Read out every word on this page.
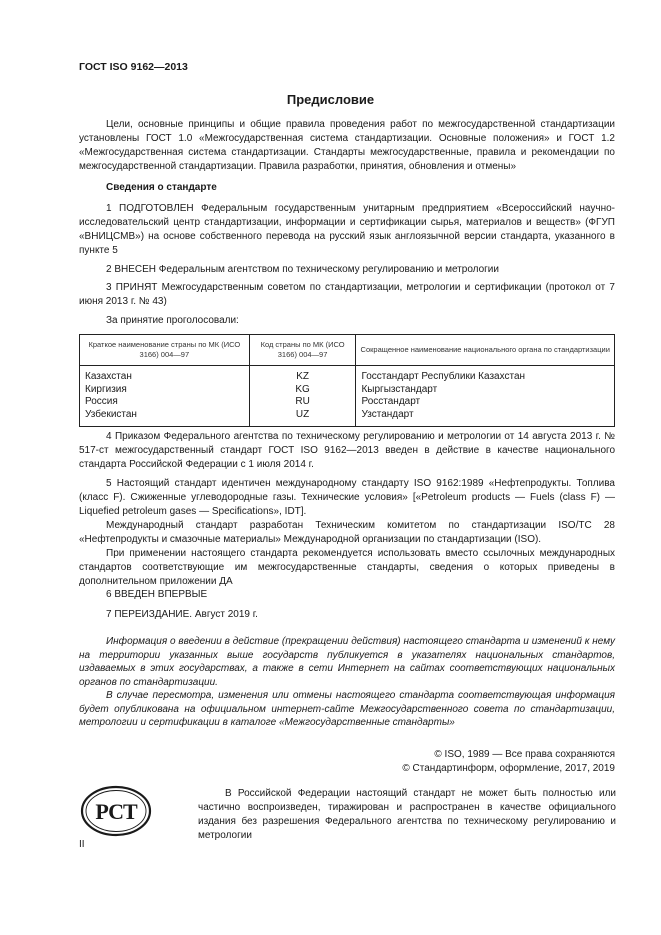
ГОСТ ISO 9162—2013
Предисловие

Цели, основные принципы и общие правила проведения работ по межгосударственной стандартизации установлены ГОСТ 1.0 «Межгосударственная система стандартизации. Основные положения» и ГОСТ 1.2 «Межгосударственная система стандартизации. Стандарты межгосударственные, правила и рекомендации по межгосударственной стандартизации. Правила разработки, принятия, обновления и отмены»

Сведения о стандарте

1 ПОДГОТОВЛЕН Федеральным государственным унитарным предприятием «Всероссийский научно-исследовательский центр стандартизации, информации и сертификации сырья, материалов и веществ» (ФГУП «ВНИЦСМВ») на основе собственного перевода на русский язык англоязычной версии стандарта, указанного в пункте 5

2 ВНЕСЕН Федеральным агентством по техническому регулированию и метрологии

3 ПРИНЯТ Межгосударственным советом по стандартизации, метрологии и сертификации (протокол от 7 июня 2013 г. № 43)

За принятие проголосовали:

Краткое наименование страны по МК (ИСО 3166) 004—97	Код страны по МК (ИСО 3166) 004—97	Сокращенное наименование национального органа по стандартизации
Казахстан	KZ	Госстандарт Республики Казахстан
Киргизия	KG	Кыргызстандарт
Россия	RU	Росстандарт
Узбекистан	UZ	Узстандарт

4 Приказом Федерального агентства по техническому регулированию и метрологии от 14 августа 2013 г. № 517-ст межгосударственный стандарт ГОСТ ISO 9162—2013 введен в действие в качестве национального стандарта Российской Федерации с 1 июля 2014 г.

5 Настоящий стандарт идентичен международному стандарту ISO 9162:1989 «Нефтепродукты. Топлива (класс F). Сжиженные углеводородные газы. Технические условия» [«Petroleum products — Fuels (class F) — Liquefied petroleum gases — Specifications», IDT].

Международный стандарт разработан Техническим комитетом по стандартизации ISO/TC 28 «Нефтепродукты и смазочные материалы» Международной организации по стандартизации (ISO).

При применении настоящего стандарта рекомендуется использовать вместо ссылочных международных стандартов соответствующие им межгосударственные стандарты, сведения о которых приведены в дополнительном приложении ДА

6 ВВЕДЕН ВПЕРВЫЕ

7 ПЕРЕИЗДАНИЕ. Август 2019 г.

Информация о введении в действие (прекращении действия) настоящего стандарта и изменений к нему на территории указанных выше государств публикуется в указателях национальных стандартов, издаваемых в этих государствах, а также в сети Интернет на сайтах соответствующих национальных органов по стандартизации.

В случае пересмотра, изменения или отмены настоящего стандарта соответствующая информация будет опубликована на официальном интернет-сайте Межгосударственного совета по стандартизации, метрологии и сертификации в каталоге «Межгосударственные стандарты»

© ISO, 1989 — Все права сохраняются

© Стандартинформ, оформление, 2017, 2019

РСТ

В Российской Федерации настоящий стандарт не может быть полностью или частично воспроизведен, тиражирован и распространен в качестве официального издания без разрешения Федерального агентства по техническому регулированию и метрологии

II
